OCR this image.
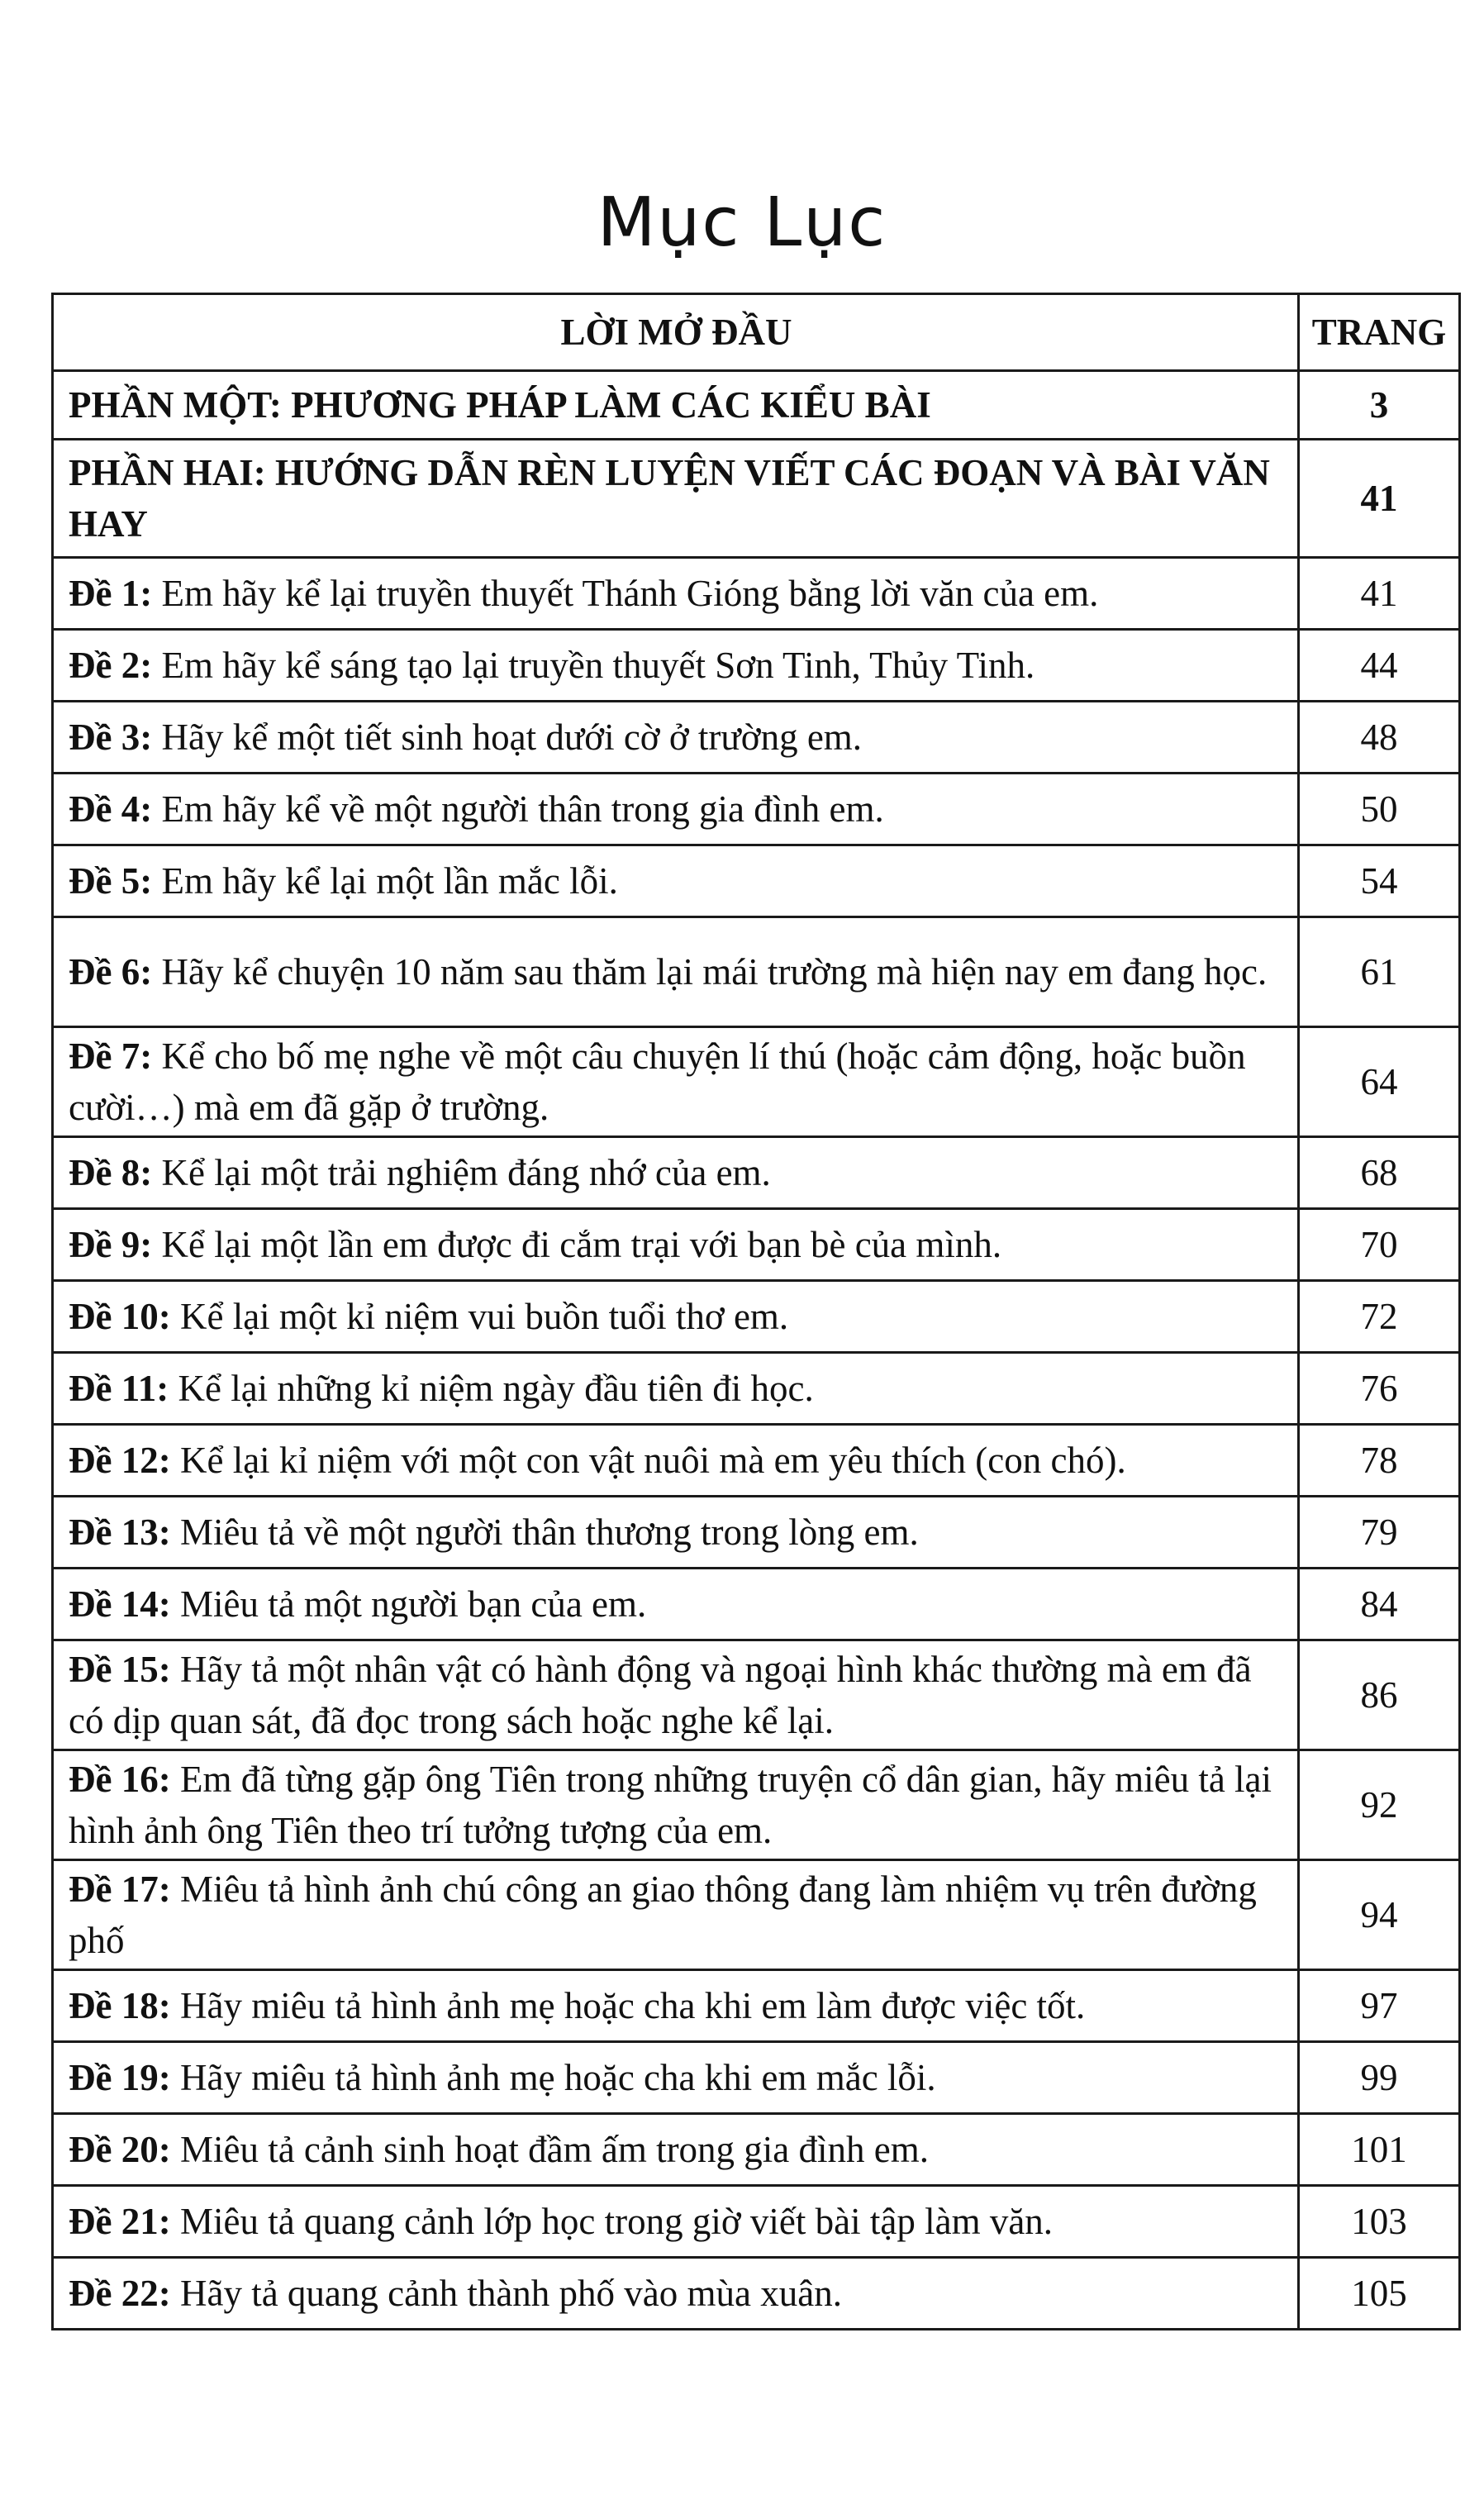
Mục Lục
LỜI MỞ ĐẦU	TRANG
PHẦN MỘT: PHƯƠNG PHÁP LÀM CÁC KIỂU BÀI	3
PHẦN HAI: HƯỚNG DẪN RÈN LUYỆN VIẾT CÁC ĐOẠN VÀ BÀI VĂN HAY	41
Đề 1: Em hãy kể lại truyền thuyết Thánh Gióng bằng lời văn của em.	41
Đề 2: Em hãy kể sáng tạo lại truyền thuyết Sơn Tinh, Thủy Tinh.	44
Đề 3: Hãy kể một tiết sinh hoạt dưới cờ ở trường em.	48
Đề 4: Em hãy kể về một người thân trong gia đình em.	50
Đề 5: Em hãy kể lại một lần mắc lỗi.	54
Đề 6: Hãy kể chuyện 10 năm sau thăm lại mái trường mà hiện nay em đang học.	61
Đề 7: Kể cho bố mẹ nghe về một câu chuyện lí thú (hoặc cảm động, hoặc buồn cười…) mà em đã gặp ở trường.	64
Đề 8: Kể lại một trải nghiệm đáng nhớ của em.	68
Đề 9: Kể lại một lần em được đi cắm trại với bạn bè của mình.	70
Đề 10: Kể lại một kỉ niệm vui buồn tuổi thơ em.	72
Đề 11: Kể lại những kỉ niệm ngày đầu tiên đi học.	76
Đề 12: Kể lại kỉ niệm với một con vật nuôi mà em yêu thích (con chó).	78
Đề 13: Miêu tả về một người thân thương trong lòng em.	79
Đề 14: Miêu tả một người bạn của em.	84
Đề 15: Hãy tả một nhân vật có hành động và ngoại hình khác thường mà em đã có dịp quan sát, đã đọc trong sách hoặc nghe kể lại.	86
Đề 16: Em đã từng gặp ông Tiên trong những truyện cổ dân gian, hãy miêu tả lại hình ảnh ông Tiên theo trí tưởng tượng của em.	92
Đề 17: Miêu tả hình ảnh chú công an giao thông đang làm nhiệm vụ trên đường phố	94
Đề 18: Hãy miêu tả hình ảnh mẹ hoặc cha khi em làm được việc tốt.	97
Đề 19: Hãy miêu tả hình ảnh mẹ hoặc cha khi em mắc lỗi.	99
Đề 20: Miêu tả cảnh sinh hoạt đầm ấm trong gia đình em.	101
Đề 21: Miêu tả quang cảnh lớp học trong giờ viết bài tập làm văn.	103
Đề 22: Hãy tả quang cảnh thành phố vào mùa xuân.	105
